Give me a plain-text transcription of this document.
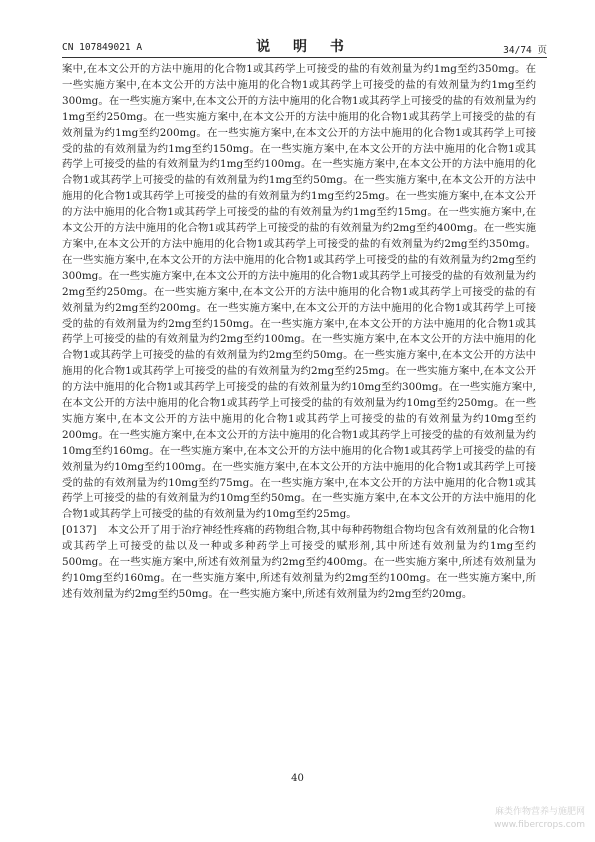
CN 107849021 A	说 明 书	34/74 页

案中,在本文公开的方法中施用的化合物1或其药学上可接受的盐的有效剂量为约1mg至约350mg。在一些实施方案中,在本文公开的方法中施用的化合物1或其药学上可接受的盐的有效剂量为约1mg至约300mg。在一些实施方案中,在本文公开的方法中施用的化合物1或其药学上可接受的盐的有效剂量为约1mg至约250mg。在一些实施方案中,在本文公开的方法中施用的化合物1或其药学上可接受的盐的有效剂量为约1mg至约200mg。在一些实施方案中,在本文公开的方法中施用的化合物1或其药学上可接受的盐的有效剂量为约1mg至约150mg。在一些实施方案中,在本文公开的方法中施用的化合物1或其药学上可接受的盐的有效剂量为约1mg至约100mg。在一些实施方案中,在本文公开的方法中施用的化合物1或其药学上可接受的盐的有效剂量为约1mg至约50mg。在一些实施方案中,在本文公开的方法中施用的化合物1或其药学上可接受的盐的有效剂量为约1mg至约25mg。在一些实施方案中,在本文公开的方法中施用的化合物1或其药学上可接受的盐的有效剂量为约1mg至约15mg。在一些实施方案中,在本文公开的方法中施用的化合物1或其药学上可接受的盐的有效剂量为约2mg至约400mg。在一些实施方案中,在本文公开的方法中施用的化合物1或其药学上可接受的盐的有效剂量为约2mg至约350mg。在一些实施方案中,在本文公开的方法中施用的化合物1或其药学上可接受的盐的有效剂量为约2mg至约300mg。在一些实施方案中,在本文公开的方法中施用的化合物1或其药学上可接受的盐的有效剂量为约2mg至约250mg。在一些实施方案中,在本文公开的方法中施用的化合物1或其药学上可接受的盐的有效剂量为约2mg至约200mg。在一些实施方案中,在本文公开的方法中施用的化合物1或其药学上可接受的盐的有效剂量为约2mg至约150mg。在一些实施方案中,在本文公开的方法中施用的化合物1或其药学上可接受的盐的有效剂量为约2mg至约100mg。在一些实施方案中,在本文公开的方法中施用的化合物1或其药学上可接受的盐的有效剂量为约2mg至约50mg。在一些实施方案中,在本文公开的方法中施用的化合物1或其药学上可接受的盐的有效剂量为约2mg至约25mg。在一些实施方案中,在本文公开的方法中施用的化合物1或其药学上可接受的盐的有效剂量为约10mg至约300mg。在一些实施方案中,在本文公开的方法中施用的化合物1或其药学上可接受的盐的有效剂量为约10mg至约250mg。在一些实施方案中,在本文公开的方法中施用的化合物1或其药学上可接受的盐的有效剂量为约10mg至约200mg。在一些实施方案中,在本文公开的方法中施用的化合物1或其药学上可接受的盐的有效剂量为约10mg至约160mg。在一些实施方案中,在本文公开的方法中施用的化合物1或其药学上可接受的盐的有效剂量为约10mg至约100mg。在一些实施方案中,在本文公开的方法中施用的化合物1或其药学上可接受的盐的有效剂量为约10mg至约75mg。在一些实施方案中,在本文公开的方法中施用的化合物1或其药学上可接受的盐的有效剂量为约10mg至约50mg。在一些实施方案中,在本文公开的方法中施用的化合物1或其药学上可接受的盐的有效剂量为约10mg至约25mg。

[0137] 本文公开了用于治疗神经性疼痛的药物组合物,其中每种药物组合物均包含有效剂量的化合物1或其药学上可接受的盐以及一种或多种药学上可接受的赋形剂,其中所述有效剂量为约1mg至约500mg。在一些实施方案中,所述有效剂量为约2mg至约400mg。在一些实施方案中,所述有效剂量为约10mg至约160mg。在一些实施方案中,所述有效剂量为约2mg至约100mg。在一些实施方案中,所述有效剂量为约2mg至约50mg。在一些实施方案中,所述有效剂量为约2mg至约20mg。

40
麻类作物营养与施肥网
www.fibercrops.com
